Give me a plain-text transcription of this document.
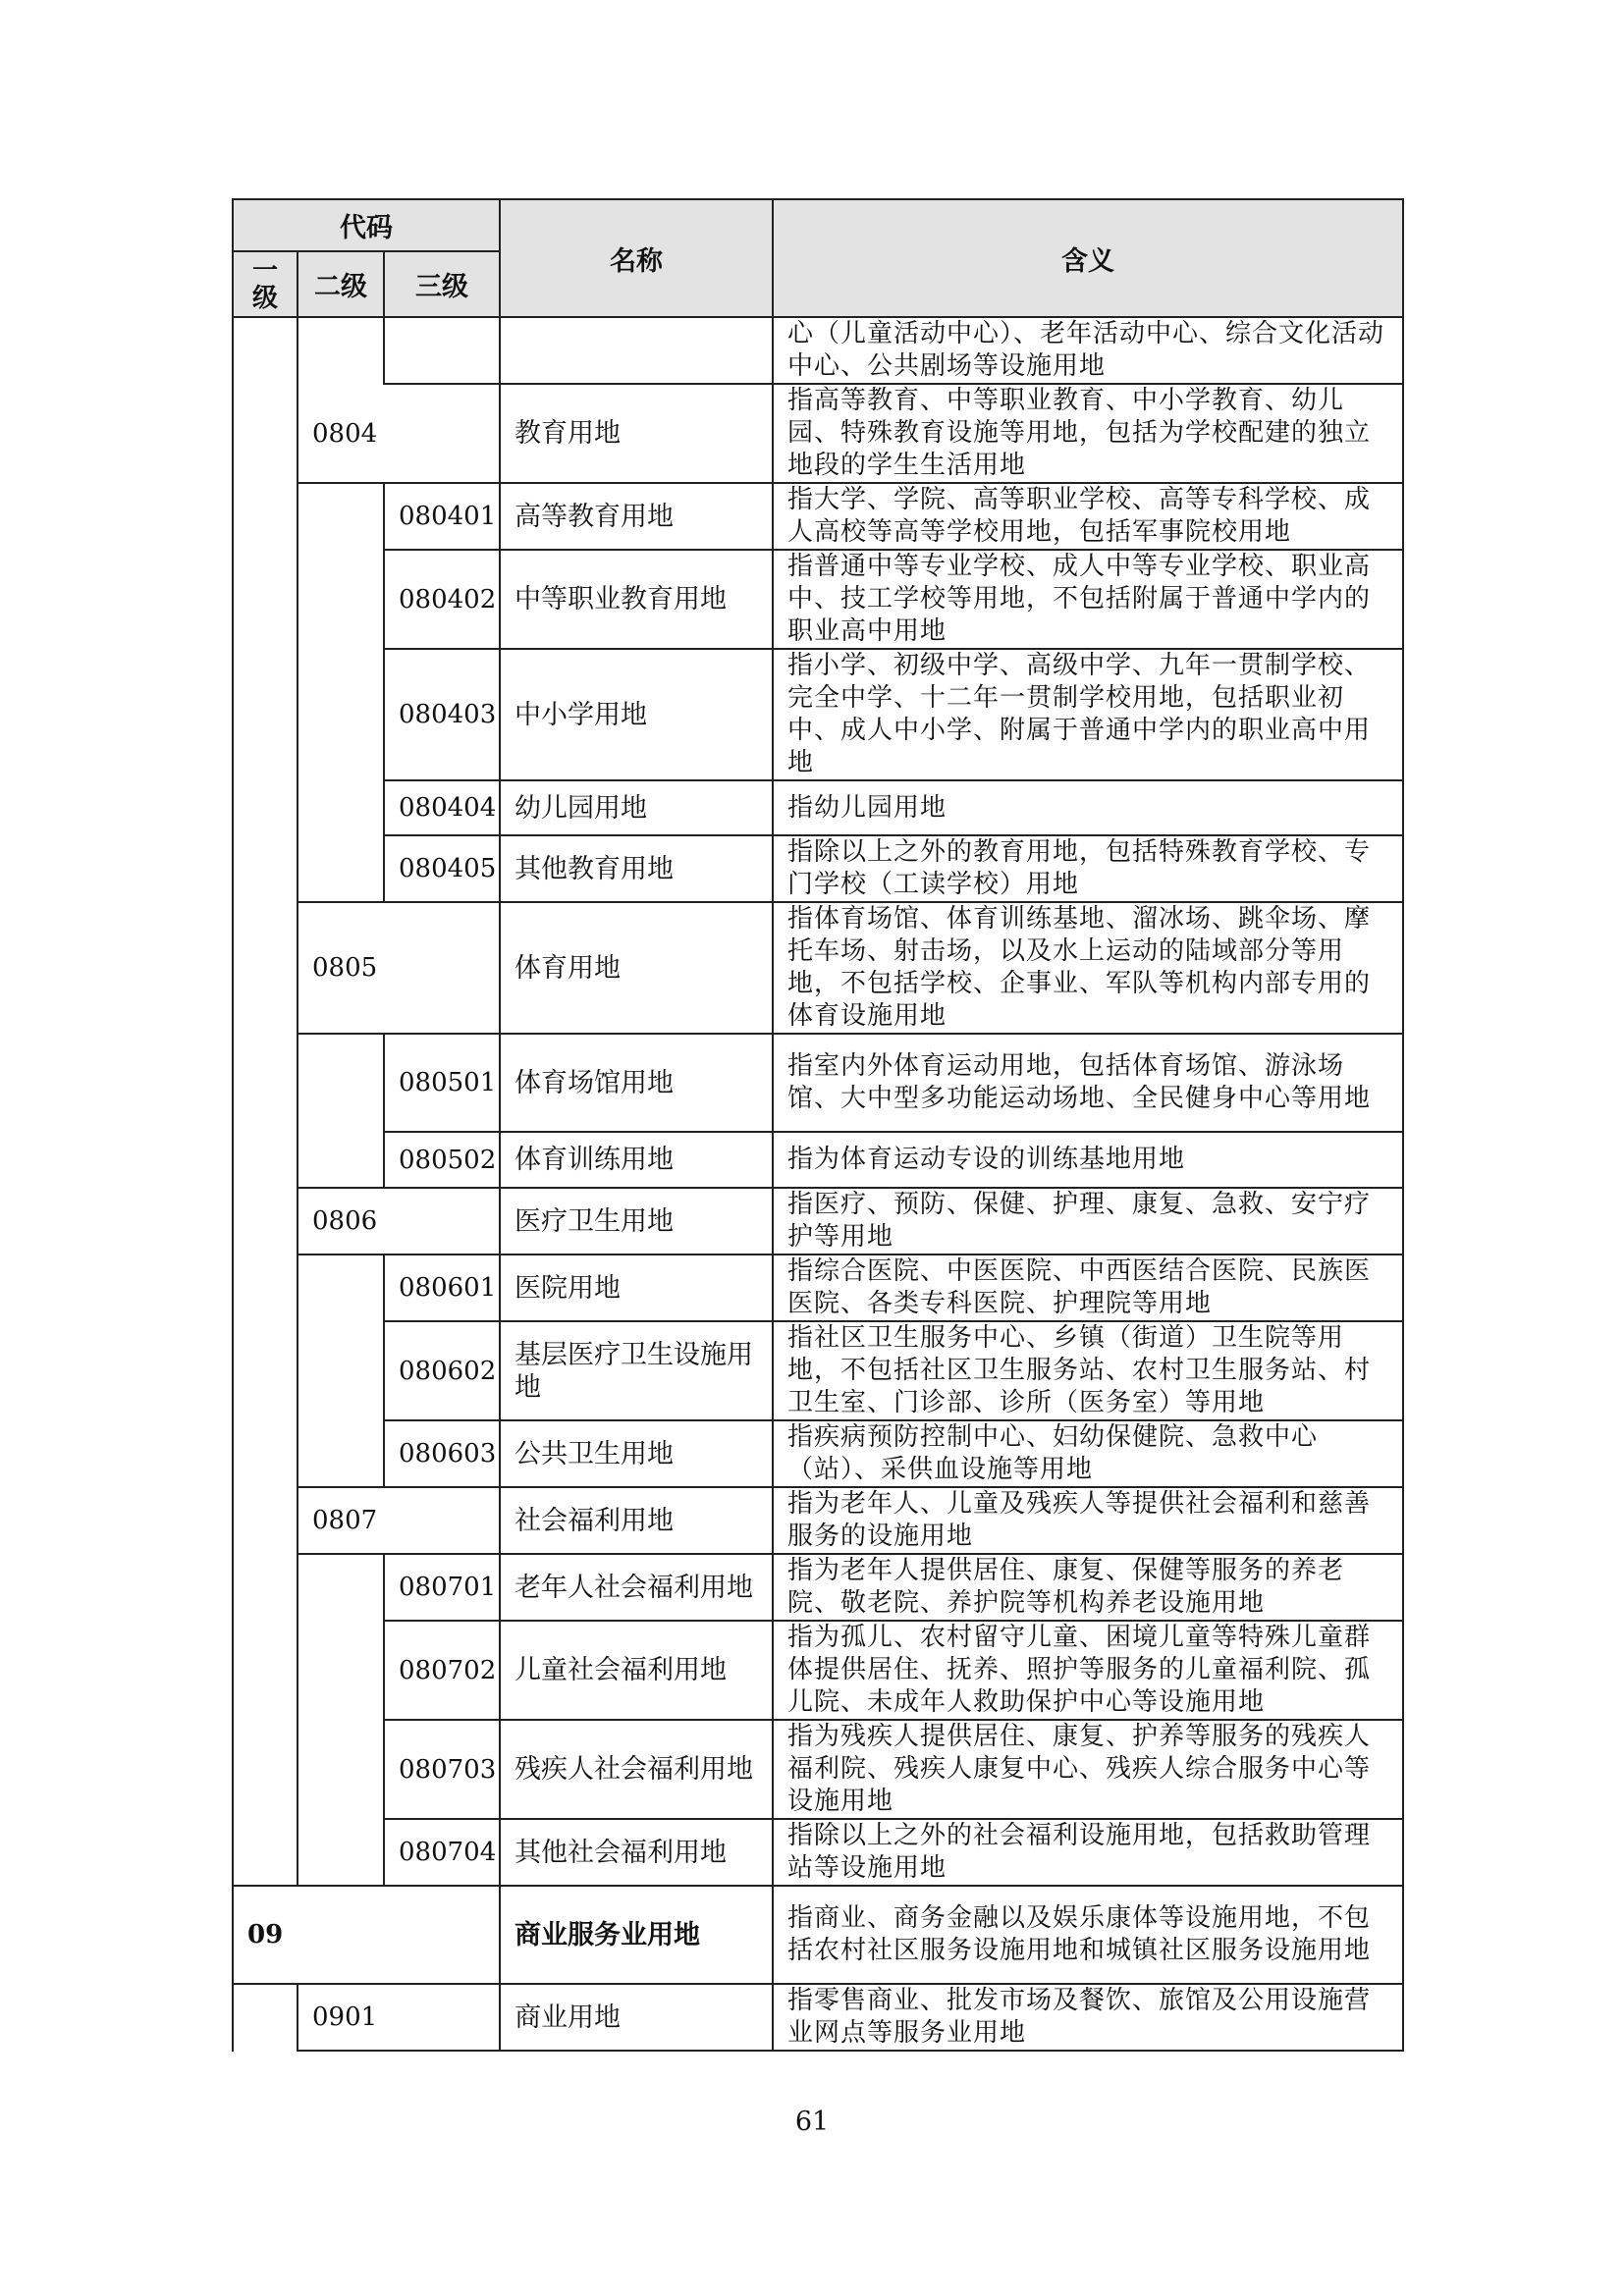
代码			名称	含义
一级	二级	三级		
				心（儿童活动中心）、老年活动中心、综合文化活动中心、公共剧场等设施用地
	0804		教育用地	指高等教育、中等职业教育、中小学教育、幼儿园、特殊教育设施等用地，包括为学校配建的独立地段的学生生活用地
		080401	高等教育用地	指大学、学院、高等职业学校、高等专科学校、成人高校等高等学校用地，包括军事院校用地
		080402	中等职业教育用地	指普通中等专业学校、成人中等专业学校、职业高中、技工学校等用地，不包括附属于普通中学内的职业高中用地
		080403	中小学用地	指小学、初级中学、高级中学、九年一贯制学校、完全中学、十二年一贯制学校用地，包括职业初中、成人中小学、附属于普通中学内的职业高中用地
		080404	幼儿园用地	指幼儿园用地
		080405	其他教育用地	指除以上之外的教育用地，包括特殊教育学校、专门学校（工读学校）用地
	0805		体育用地	指体育场馆、体育训练基地、溜冰场、跳伞场、摩托车场、射击场，以及水上运动的陆域部分等用地，不包括学校、企事业、军队等机构内部专用的体育设施用地
		080501	体育场馆用地	指室内外体育运动用地，包括体育场馆、游泳场馆、大中型多功能运动场地、全民健身中心等用地
		080502	体育训练用地	指为体育运动专设的训练基地用地
	0806		医疗卫生用地	指医疗、预防、保健、护理、康复、急救、安宁疗护等用地
		080601	医院用地	指综合医院、中医医院、中西医结合医院、民族医医院、各类专科医院、护理院等用地
		080602	基层医疗卫生设施用地	指社区卫生服务中心、乡镇（街道）卫生院等用地，不包括社区卫生服务站、农村卫生服务站、村卫生室、门诊部、诊所（医务室）等用地
		080603	公共卫生用地	指疾病预防控制中心、妇幼保健院、急救中心（站）、采供血设施等用地
	0807		社会福利用地	指为老年人、儿童及残疾人等提供社会福利和慈善服务的设施用地
		080701	老年人社会福利用地	指为老年人提供居住、康复、保健等服务的养老院、敬老院、养护院等机构养老设施用地
		080702	儿童社会福利用地	指为孤儿、农村留守儿童、困境儿童等特殊儿童群体提供居住、抚养、照护等服务的儿童福利院、孤儿院、未成年人救助保护中心等设施用地
		080703	残疾人社会福利用地	指为残疾人提供居住、康复、护养等服务的残疾人福利院、残疾人康复中心、残疾人综合服务中心等设施用地
		080704	其他社会福利用地	指除以上之外的社会福利设施用地，包括救助管理站等设施用地
09			商业服务业用地	指商业、商务金融以及娱乐康体等设施用地，不包括农村社区服务设施用地和城镇社区服务设施用地
	0901		商业用地	指零售商业、批发市场及餐饮、旅馆及公用设施营业网点等服务业用地
61
